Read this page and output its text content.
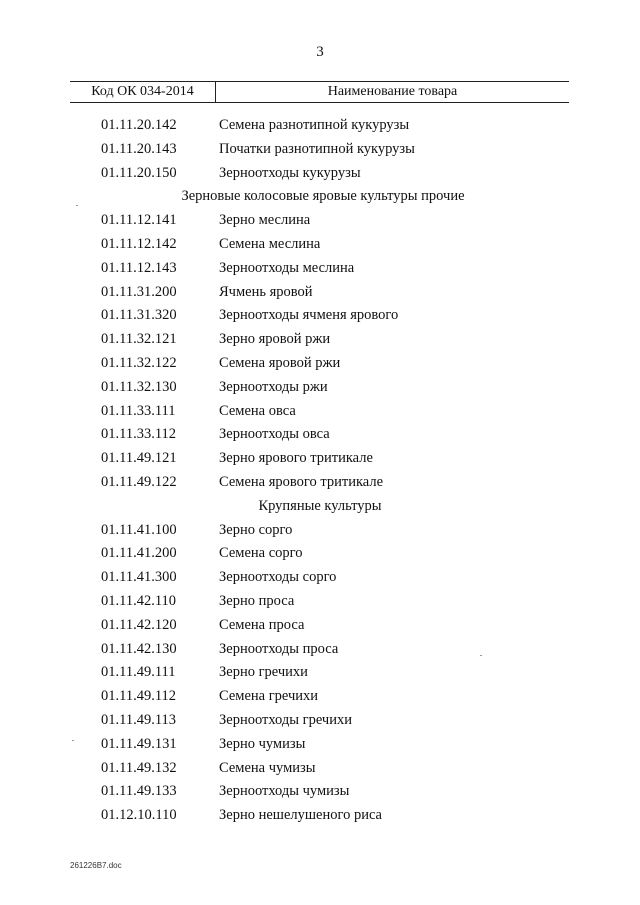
3
Код ОК 034-2014	Наименование товара
01.11.20.142	Семена разнотипной кукурузы
01.11.20.143	Початки разнотипной кукурузы
01.11.20.150	Зерноотходы кукурузы
Зерновые колосовые яровые культуры прочие
01.11.12.141	Зерно меслина
01.11.12.142	Семена меслина
01.11.12.143	Зерноотходы меслина
01.11.31.200	Ячмень яровой
01.11.31.320	Зерноотходы ячменя ярового
01.11.32.121	Зерно яровой ржи
01.11.32.122	Семена яровой ржи
01.11.32.130	Зерноотходы ржи
01.11.33.111	Семена овса
01.11.33.112	Зерноотходы овса
01.11.49.121	Зерно ярового тритикале
01.11.49.122	Семена ярового тритикале
Крупяные культуры
01.11.41.100	Зерно сорго
01.11.41.200	Семена сорго
01.11.41.300	Зерноотходы сорго
01.11.42.110	Зерно проса
01.11.42.120	Семена проса
01.11.42.130	Зерноотходы проса
01.11.49.111	Зерно гречихи
01.11.49.112	Семена гречихи
01.11.49.113	Зерноотходы гречихи
01.11.49.131	Зерно чумизы
01.11.49.132	Семена чумизы
01.11.49.133	Зерноотходы чумизы
01.12.10.110	Зерно нешелушеного риса
261226B7.doc
